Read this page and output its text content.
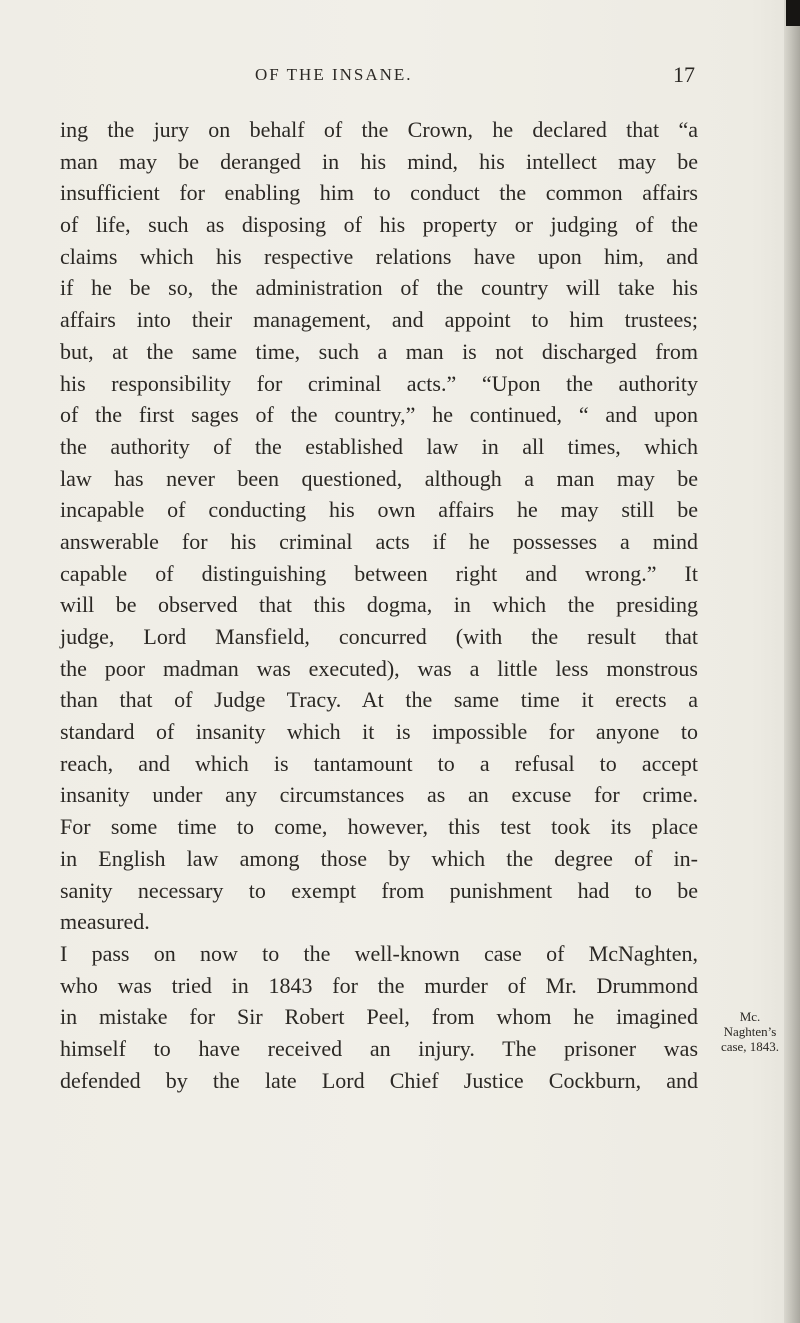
OF THE INSANE.	17
ing the jury on behalf of the Crown, he declared that “a
man may be deranged in his mind, his intellect may be
insufficient for enabling him to conduct the common affairs
of life, such as disposing of his property or judging of the
claims which his respective relations have upon him, and
if he be so, the administration of the country will take his
affairs into their management, and appoint to him trustees;
but, at the same time, such a man is not discharged from
his responsibility for criminal acts.” “Upon the authority
of the first sages of the country,” he continued, “ and upon
the authority of the established law in all times, which
law has never been questioned, although a man may be
incapable of conducting his own affairs he may still be
answerable for his criminal acts if he possesses a mind
capable of distinguishing between right and wrong.” It
will be observed that this dogma, in which the presiding
judge, Lord Mansfield, concurred (with the result that
the poor madman was executed), was a little less monstrous
than that of Judge Tracy. At the same time it erects a
standard of insanity which it is impossible for anyone to
reach, and which is tantamount to a refusal to accept
insanity under any circumstances as an excuse for crime.
For some time to come, however, this test took its place
in English law among those by which the degree of in-
sanity necessary to exempt from punishment had to be
measured.
I pass on now to the well-known case of McNaghten,
who was tried in 1843 for the murder of Mr. Drummond
in mistake for Sir Robert Peel, from whom he imagined
himself to have received an injury. The prisoner was
defended by the late Lord Chief Justice Cockburn, and
Mc.
Naghten’s
case, 1843.
